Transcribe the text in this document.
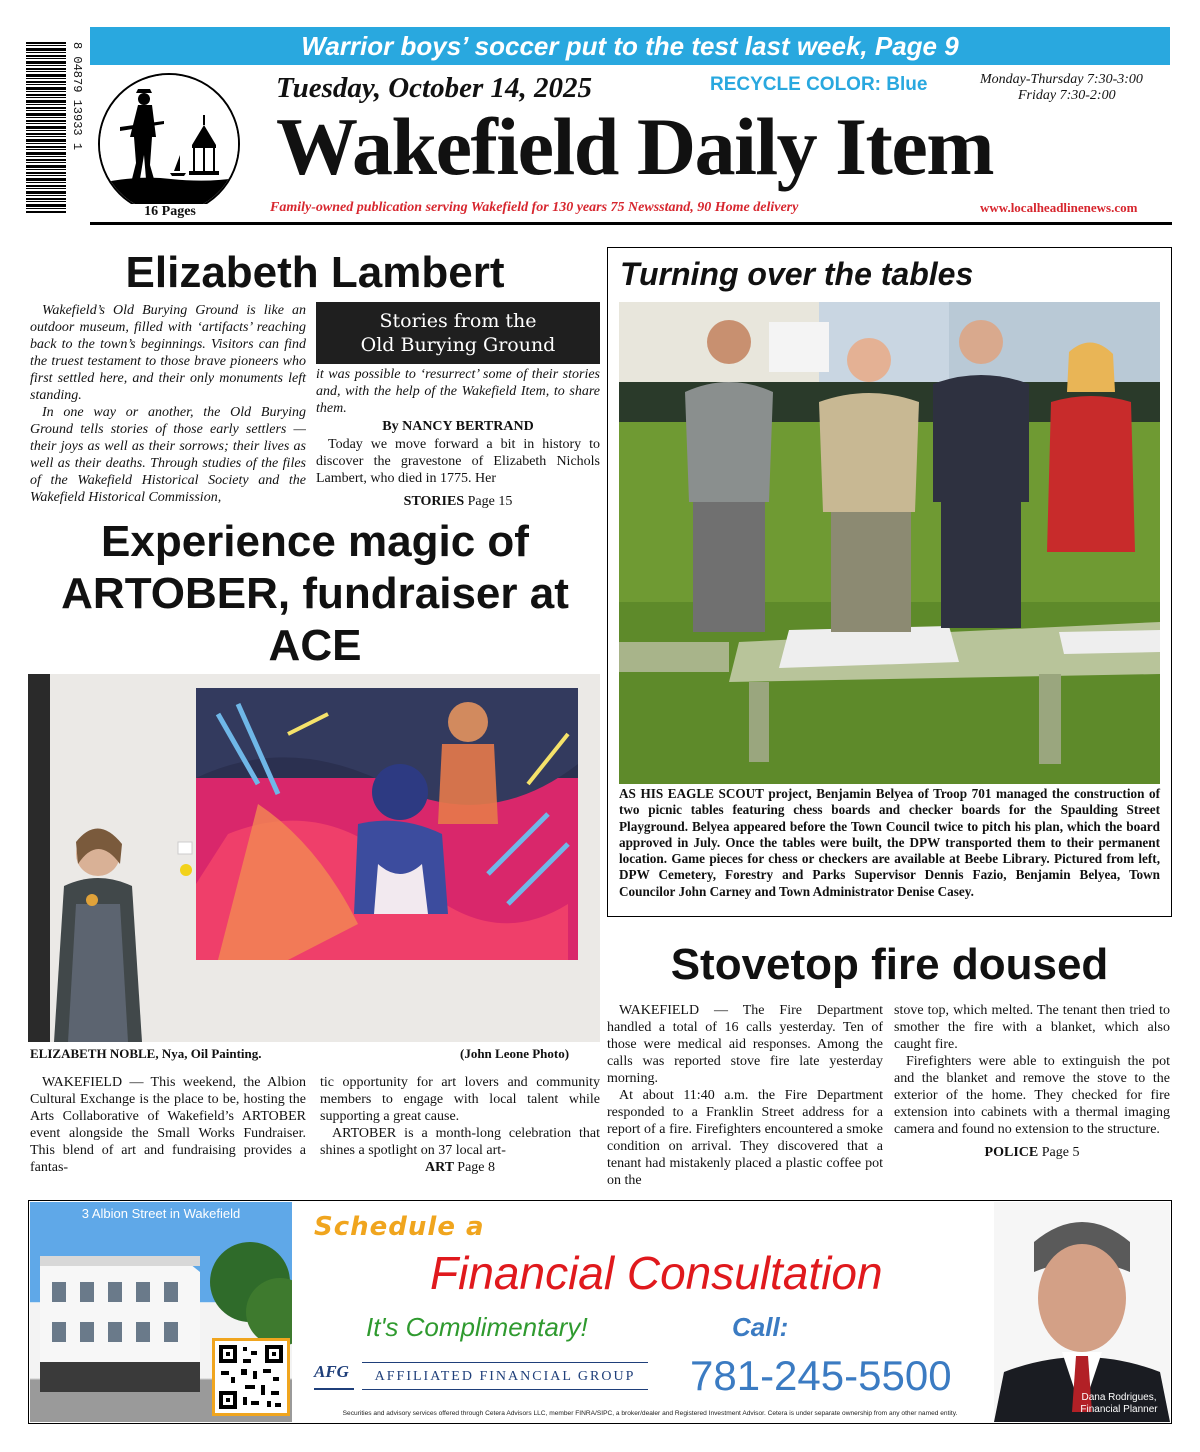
8 04879 13933 1	Warrior boys’ soccer put to the test last week, Page 9
16 Pages
Tuesday, October 14, 2025	RECYCLE COLOR: Blue	Monday-Thursday 7:30-3:00
Friday 7:30-2:00
Wakefield Daily Item
Family-owned publication serving Wakefield for 130 years 75 Newsstand, 90 Home delivery	www.localheadlinenews.com
Elizabeth Lambert

Wakefield’s Old Burying Ground is like an outdoor museum, filled with ‘artifacts’ reaching back to the town’s beginnings. Visitors can find the truest testament to those brave pioneers who first settled here, and their only monuments left standing.

In one way or another, the Old Burying Ground tells stories of those early settlers — their joys as well as their sorrows; their lives as well as their deaths. Through studies of the files of the Wakefield Historical Society and the Wakefield Historical Commission,

Stories from the
Old Burying Ground

it was possible to ‘resurrect’ some of their stories and, with the help of the Wakefield Item, to share them.

By NANCY BERTRAND

Today we move forward a bit in history to discover the gravestone of Elizabeth Nichols Lambert, who died in 1775. Her

STORIES Page 15

Experience magic of ARTOBER, fundraiser at ACE
ELIZABETH NOBLE, Nya, Oil Painting.	(John Leone Photo)

WAKEFIELD — This weekend, the Albion Cultural Exchange is the place to be, hosting the Arts Collaborative of Wakefield’s ARTOBER event alongside the Small Works Fundraiser. This blend of art and fundraising provides a fantas-

tic opportunity for art lovers and community members to engage with local talent while supporting a great cause.

ARTOBER is a month-long celebration that shines a spotlight on 37 local art-

ART Page 8

Turning over the tables
AS HIS EAGLE SCOUT project, Benjamin Belyea of Troop 701 managed the construction of two picnic tables featuring chess boards and checker boards for the Spaulding Street Playground. Belyea appeared before the Town Council twice to pitch his plan, which the board approved in July. Once the tables were built, the DPW transported them to their permanent location. Game pieces for chess or checkers are available at Beebe Library. Pictured from left, DPW Cemetery, Forestry and Parks Supervisor Dennis Fazio, Benjamin Belyea, Town Councilor John Carney and Town Administrator Denise Casey.
Stovetop fire doused

WAKEFIELD — The Fire Department handled a total of 16 calls yesterday. Ten of those were medical aid responses. Among the calls was reported stove fire late yesterday morning.

At about 11:40 a.m. the Fire Department responded to a Franklin Street address for a report of a fire. Firefighters encountered a smoke condition on arrival. They discovered that a tenant had mistakenly placed a plastic coffee pot on the

stove top, which melted. The tenant then tried to smother the fire with a blanket, which also caught fire.

Firefighters were able to extinguish the pot and the blanket and remove the stove to the exterior of the home. They checked for fire extension into cabinets with a thermal imaging camera and found no extension to the structure.

POLICE Page 5

3 Albion Street in Wakefield	Schedule a
Financial Consultation
It's Complimentary!	Call:
AFG	AFFILIATED FINANCIAL GROUP	781-245-5500
Securities and advisory services offered through Cetera Advisors LLC, member FINRA/SIPC, a broker/dealer and Registered Investment Advisor. Cetera is under separate ownership from any other named entity.
Dana Rodrigues,
Financial Planner
